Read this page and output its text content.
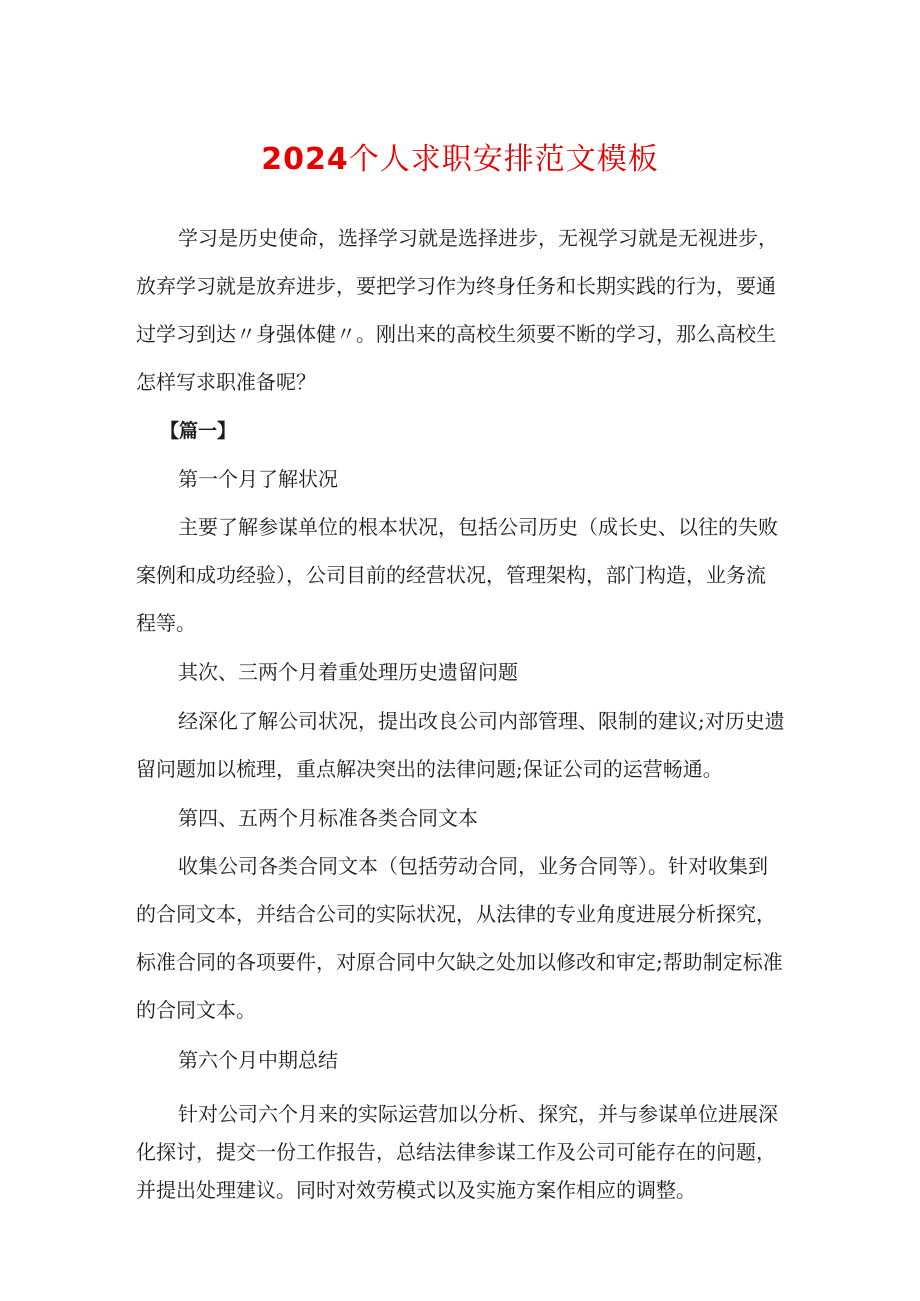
2024个人求职安排范文模板
学习是历史使命，选择学习就是选择进步，无视学习就是无视进步，
放弃学习就是放弃进步，要把学习作为终身任务和长期实践的行为，要通
过学习到达〃身强体健〃。刚出来的高校生须要不断的学习，那么高校生
怎样写求职准备呢？
【篇一】
第一个月了解状况
主要了解参谋单位的根本状况，包括公司历史（成长史、以往的失败
案例和成功经验），公司目前的经营状况，管理架构，部门构造，业务流
程等。
其次、三两个月着重处理历史遗留问题
经深化了解公司状况，提出改良公司内部管理、限制的建议;对历史遗
留问题加以梳理，重点解决突出的法律问题;保证公司的运营畅通。
第四、五两个月标准各类合同文本
收集公司各类合同文本（包括劳动合同，业务合同等）。针对收集到
的合同文本，并结合公司的实际状况，从法律的专业角度进展分析探究，
标准合同的各项要件，对原合同中欠缺之处加以修改和审定;帮助制定标准
的合同文本。
第六个月中期总结
针对公司六个月来的实际运营加以分析、探究，并与参谋单位进展深
化探讨，提交一份工作报告，总结法律参谋工作及公司可能存在的问题，
并提出处理建议。同时对效劳模式以及实施方案作相应的调整。
